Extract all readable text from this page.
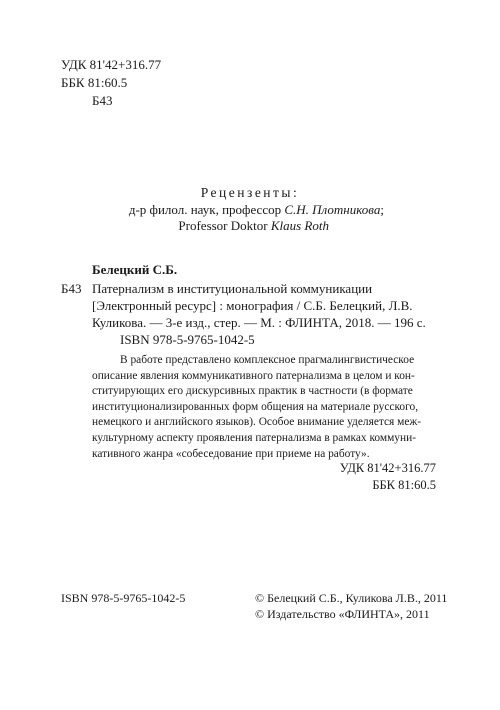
УДК 81'42+316.77
ББК 81:60.5
Б43
Рецензенты:
д-р филол. наук, профессор С.Н. Плотникова;
Professor Doktor Klaus Roth
Белецкий С.Б.
Б43 Патернализм в институциональной коммуникации
[Электронный ресурс] : монография / С.Б. Белецкий, Л.В.
Куликова. — 3-е изд., стер. — М. : ФЛИНТА, 2018. — 196 с.
ISBN 978-5-9765-1042-5
В работе представлено комплексное прагмалингвистическое
описание явления коммуникативного патернализма в целом и кон-
ституирующих его дискурсивных практик в частности (в формате
институционализированных форм общения на материале русского,
немецкого и английского языков). Особое внимание уделяется меж-
культурному аспекту проявления патернализма в рамках коммуни-
кативного жанра «собеседование при приеме на работу».
УДК 81'42+316.77
ББК 81:60.5
ISBN 978-5-9765-1042-5	© Белецкий С.Б., Куликова Л.В., 2011
© Издательство «ФЛИНТА», 2011
